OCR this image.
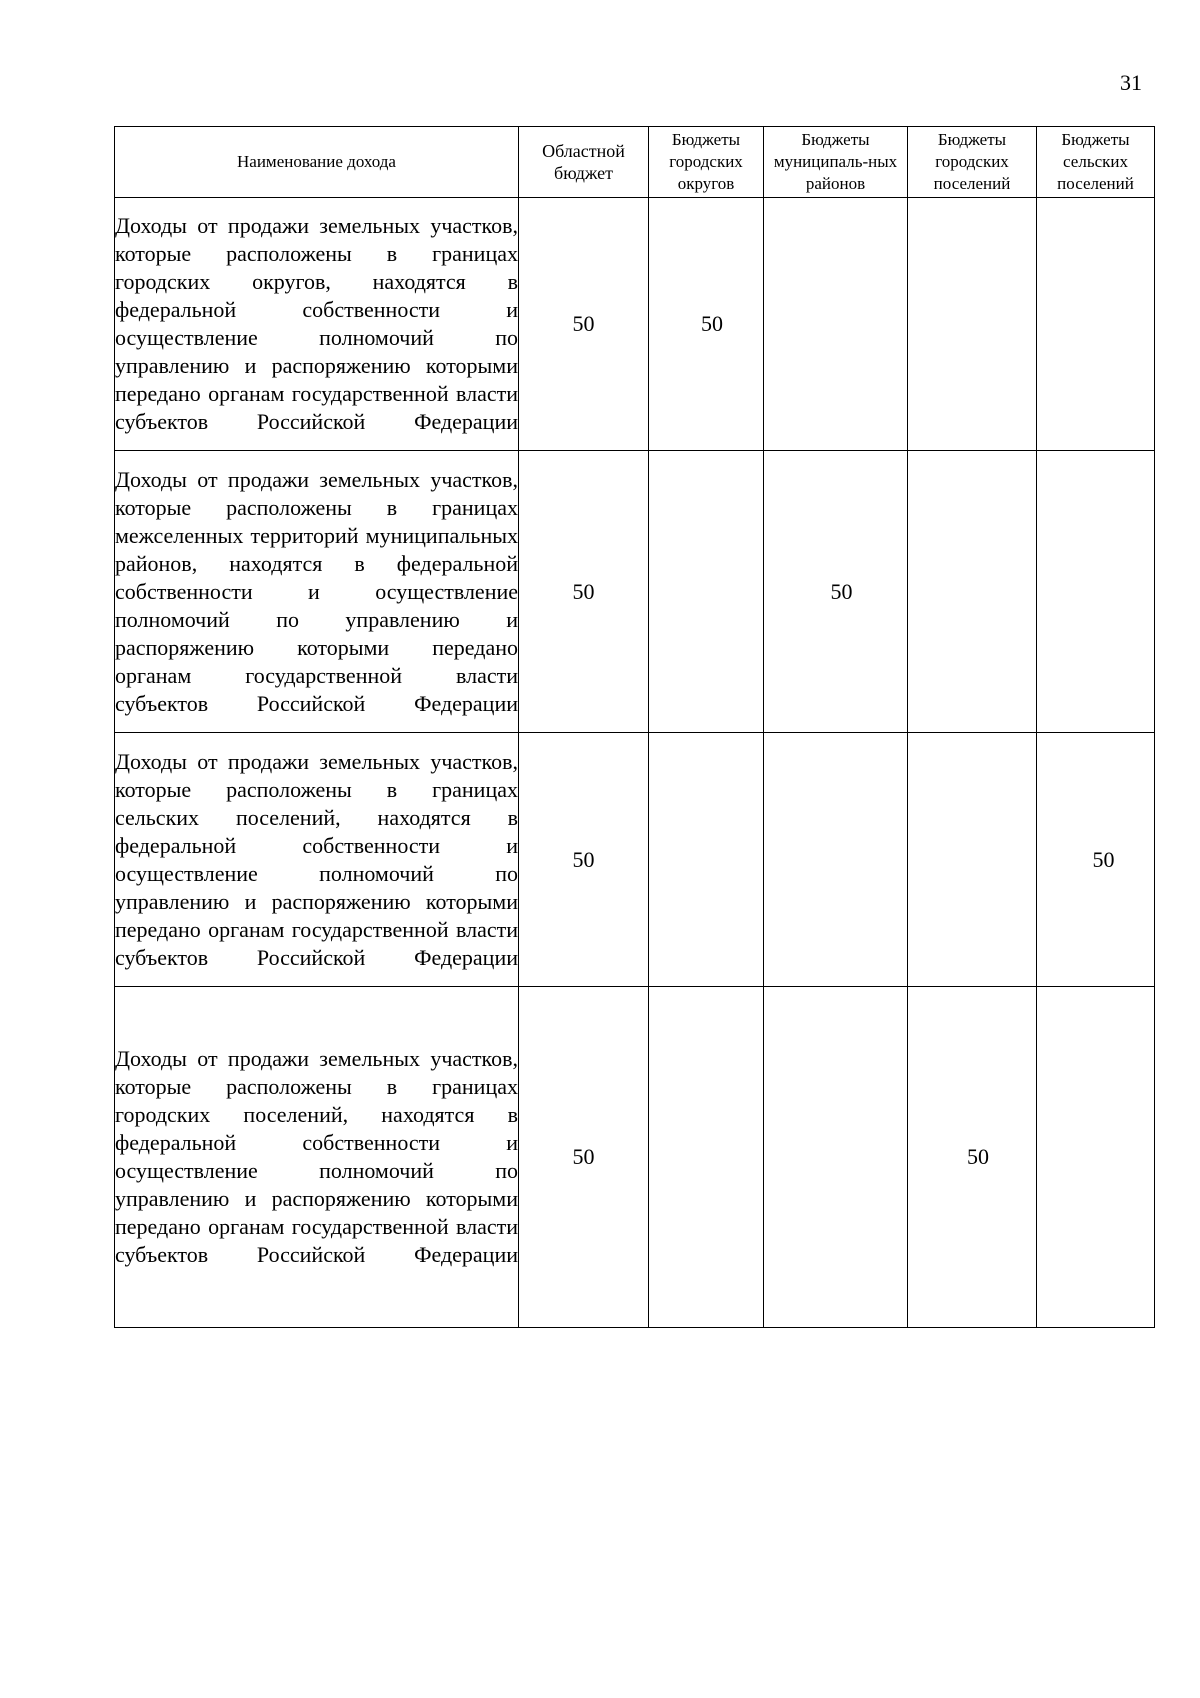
31
Наименование дохода	Областной бюджет	Бюджеты городских округов	Бюджеты муниципаль-ных районов	Бюджеты городских поселений	Бюджеты сельских поселений

Доходы от продажи земельных участков, которые расположены в границах городских округов, находятся в федеральной собственности и осуществление полномочий по управлению и распоряжению которыми передано органам государственной власти субъектов Российской Федерации	50	50			

Доходы от продажи земельных участков, которые расположены в границах межселенных территорий муниципальных районов, находятся в федеральной собственности и осуществление полномочий по управлению и распоряжению которыми передано органам государственной власти субъектов Российской Федерации	50		50		

Доходы от продажи земельных участков, которые расположены в границах сельских поселений, находятся в федеральной собственности и осуществление полномочий по управлению и распоряжению которыми передано органам государственной власти субъектов Российской Федерации	50				50

Доходы от продажи земельных участков, которые расположены в границах городских поселений, находятся в федеральной собственности и осуществление полномочий по управлению и распоряжению которыми передано органам государственной власти субъектов Российской Федерации	50			50	
